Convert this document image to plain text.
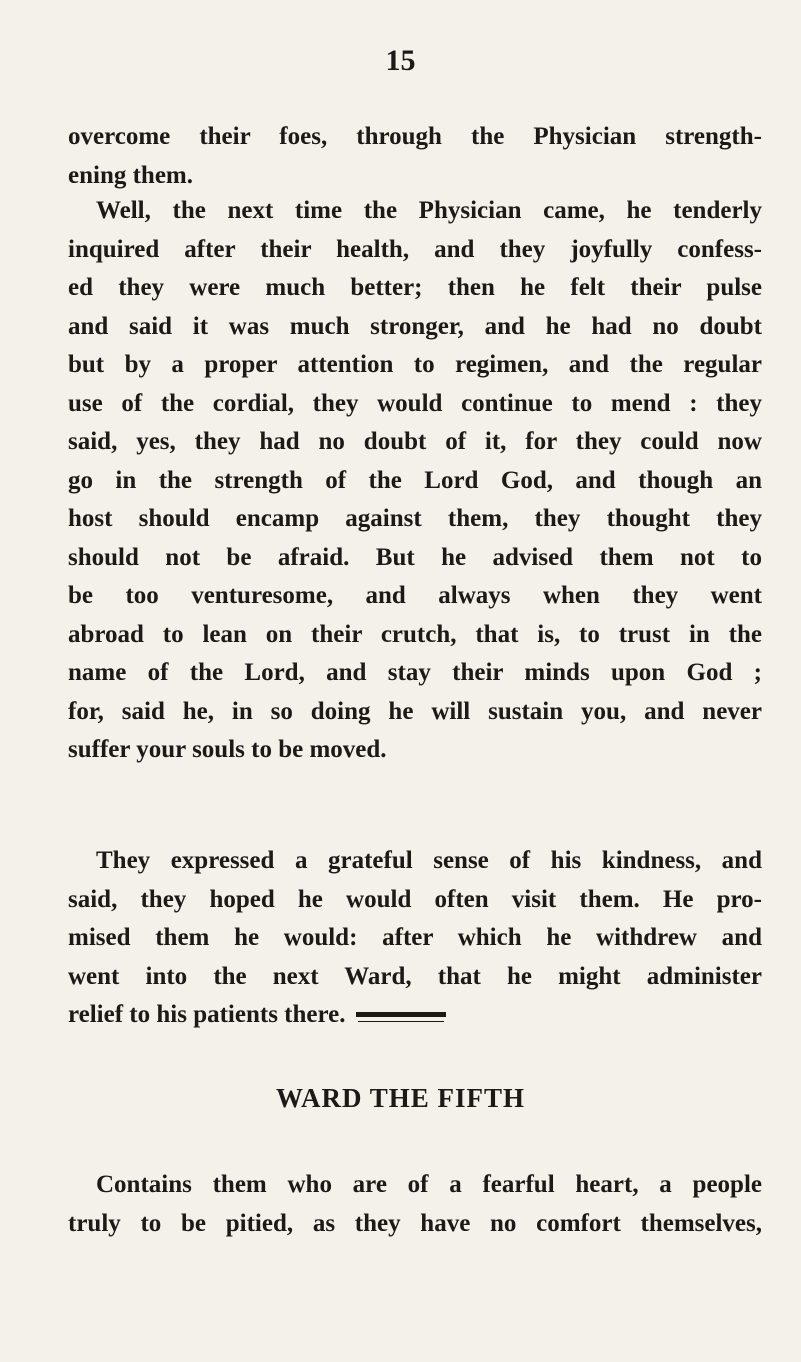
15

overcome their foes, through the Physician strength-
ening them.

Well, the next time the Physician came, he tenderly
inquired after their health, and they joyfully confess-
ed they were much better; then he felt their pulse
and said it was much stronger, and he had no doubt
but by a proper attention to regimen, and the regular
use of the cordial, they would continue to mend : they
said, yes, they had no doubt of it, for they could now
go in the strength of the Lord God, and though an
host should encamp against them, they thought they
should not be afraid. But he advised them not to
be too venturesome, and always when they went
abroad to lean on their crutch, that is, to trust in the
name of the Lord, and stay their minds upon God ;
for, said he, in so doing he will sustain you, and never
suffer your souls to be moved.

They expressed a grateful sense of his kindness, and
said, they hoped he would often visit them. He pro-
mised them he would: after which he withdrew and
went into the next Ward, that he might administer
relief to his patients there.

WARD THE FIFTH

Contains them who are of a fearful heart, a people
truly to be pitied, as they have no comfort themselves,
